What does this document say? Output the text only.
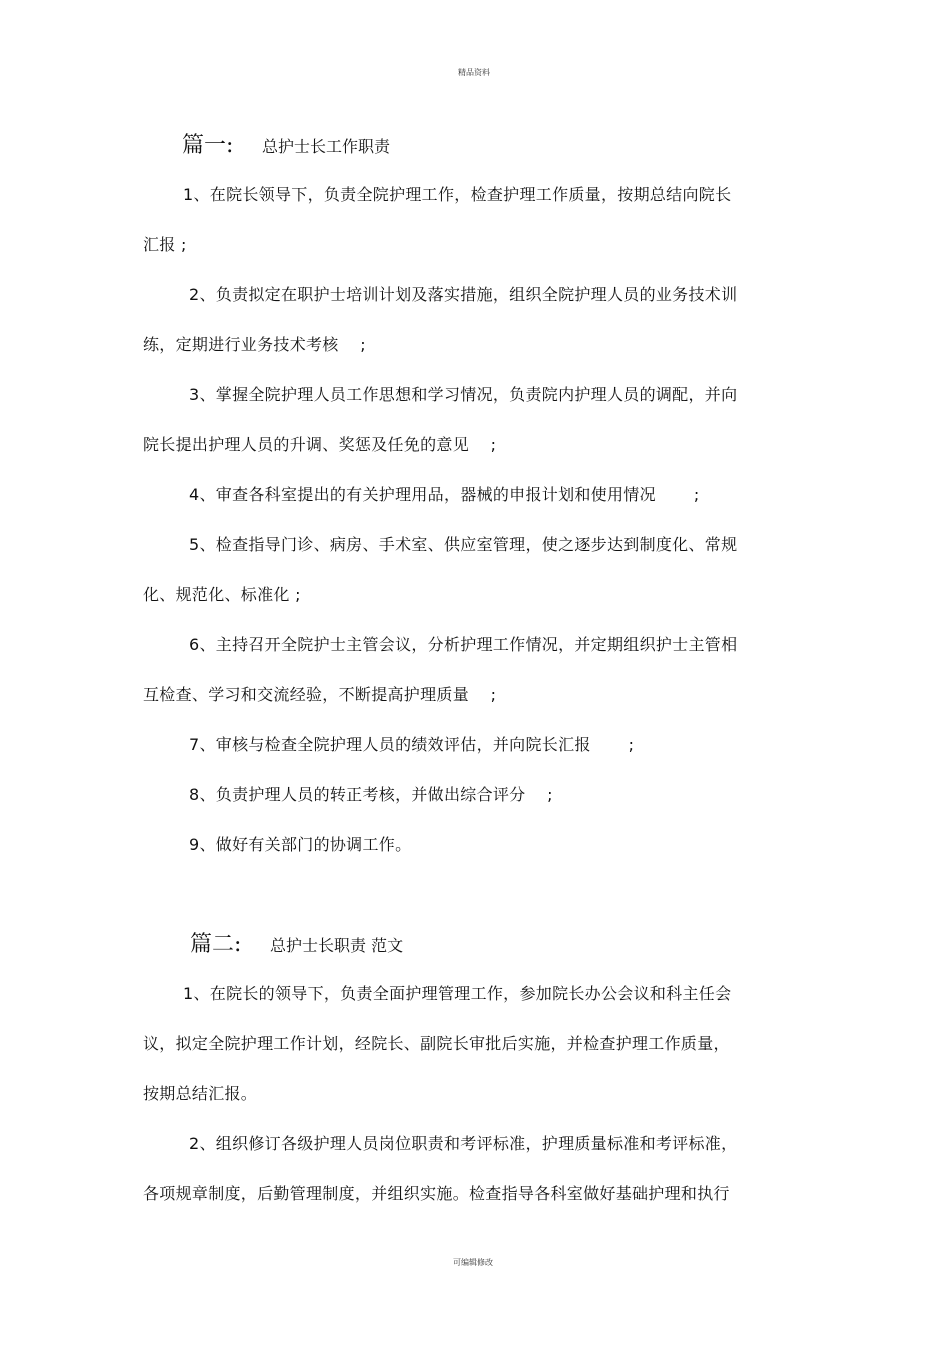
精品资料
篇一: 总护士长工作职责
1、在院长领导下，负责全院护理工作，检查护理工作质量，按期总结向院长
汇报 ;
2、负责拟定在职护士培训计划及落实措施，组织全院护理人员的业务技术训
练，定期进行业务技术考核　 ;
3、掌握全院护理人员工作思想和学习情况，负责院内护理人员的调配，并向
院长提出护理人员的升调、奖惩及任免的意见　 ;
4、审查各科室提出的有关护理用品，器械的申报计划和使用情况　　 ;
5、检查指导门诊、病房、手术室、供应室管理，使之逐步达到制度化、常规
化、规范化、标准化 ;
6、主持召开全院护士主管会议，分析护理工作情况，并定期组织护士主管相
互检查、学习和交流经验，不断提高护理质量　 ;
7、审核与检查全院护理人员的绩效评估，并向院长汇报　　 ;
8、负责护理人员的转正考核，并做出综合评分　 ;
9、做好有关部门的协调工作。
篇二: 总护士长职责 范文
1、在院长的领导下，负责全面护理管理工作，参加院长办公会议和科主任会
议，拟定全院护理工作计划，经院长、副院长审批后实施，并检查护理工作质量，
按期总结汇报。
2、组织修订各级护理人员岗位职责和考评标准，护理质量标准和考评标准，
各项规章制度，后勤管理制度，并组织实施。检查指导各科室做好基础护理和执行
可编辑修改
